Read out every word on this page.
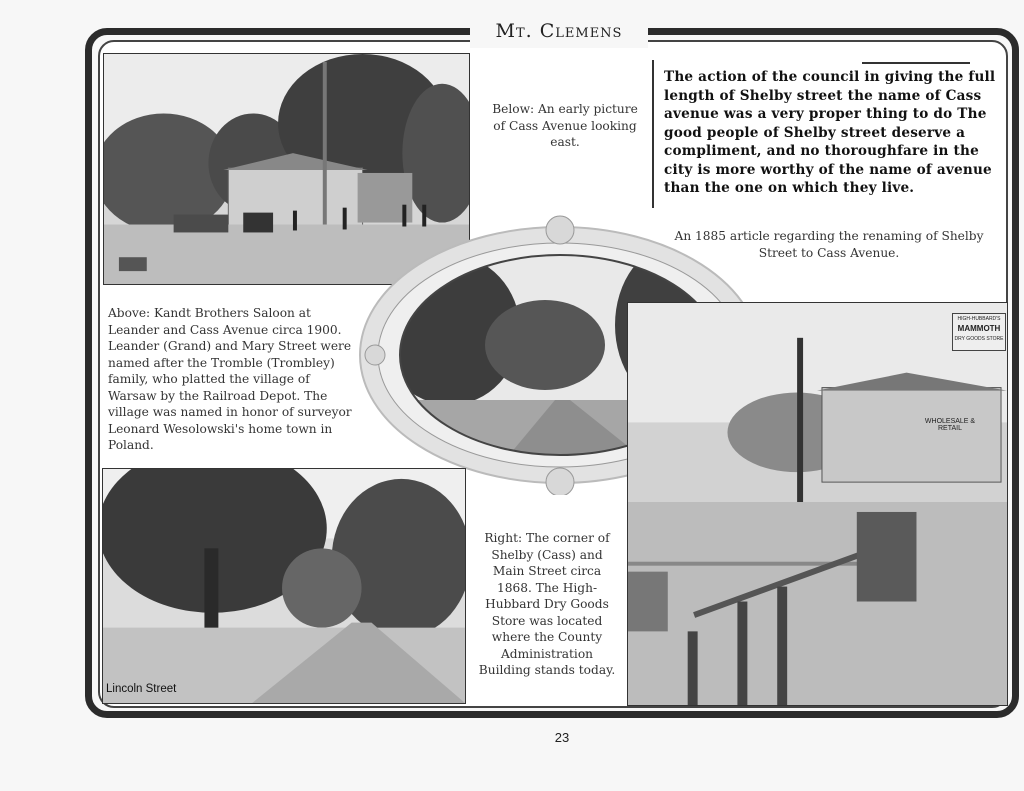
Mt. Clemens
Below: An early picture of Cass Avenue looking east.
The action of the council in giving the full length of Shelby street the name of Cass avenue was a very proper thing to do The good people of Shelby street deserve a compliment, and no thoroughfare in the city is more worthy of the name of avenue than the one on which they live.
An 1885 article regarding the renaming of Shelby Street to Cass Avenue.
Above: Kandt Brothers Saloon at Leander and Cass Avenue circa 1900. Leander (Grand) and Mary Street were named after the Tromble (Trombley) family, who platted the village of Warsaw by the Railroad Depot. The village was named in honor of surveyor Leonard Wesolowski's home town in Poland.
Lincoln Street
Right: The corner of Shelby (Cass) and Main Street circa 1868. The High-Hubbard Dry Goods Store was located where the County Administration Building stands today.
HIGH-HUBBARD'S
MAMMOTH
DRY GOODS STORE
WHOLESALE & RETAIL
23
